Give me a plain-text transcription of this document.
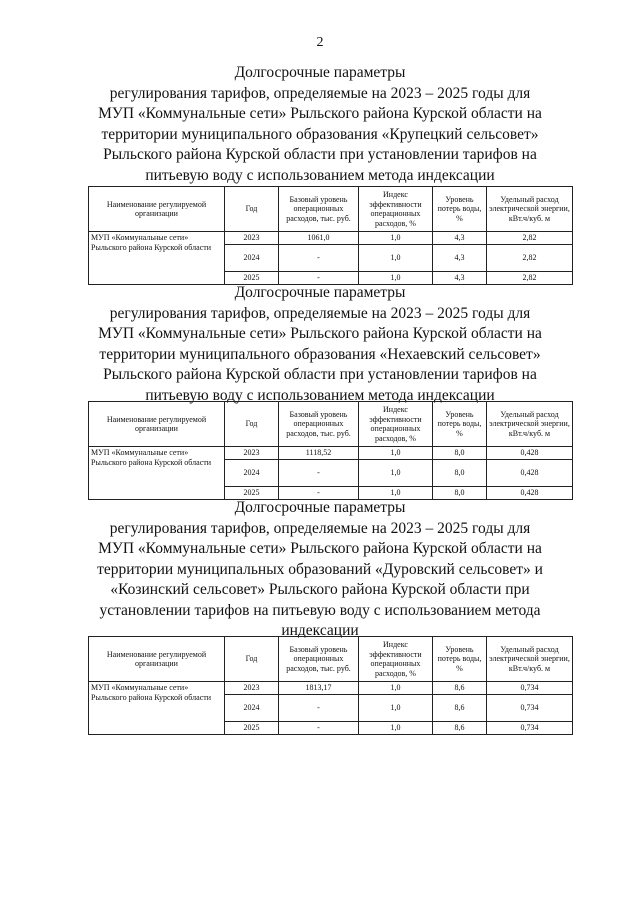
2
Долгосрочные параметры
регулирования тарифов, определяемые на 2023 – 2025 годы для
МУП «Коммунальные сети» Рыльского района Курской области на
территории муниципального образования «Крупецкий сельсовет»
Рыльского района Курской области при установлении тарифов на
питьевую воду с использованием метода индексации
Наименование регулируемой организации	Год	Базовый уровень операционных расходов, тыс. руб.	Индекс эффективности операционных расходов, %	Уровень потерь воды, %	Удельный расход электрической энергии, кВт.ч/куб. м
МУП «Коммунальные сети» Рыльского района Курской области	2023	1061,0	1,0	4,3	2,82
	2024	-	1,0	4,3	2,82
	2025	-	1,0	4,3	2,82
Долгосрочные параметры
регулирования тарифов, определяемые на 2023 – 2025 годы для
МУП «Коммунальные сети» Рыльского района Курской области на
территории муниципального образования «Нехаевский сельсовет»
Рыльского района Курской области при установлении тарифов на
питьевую воду с использованием метода индексации
Наименование регулируемой организации	Год	Базовый уровень операционных расходов, тыс. руб.	Индекс эффективности операционных расходов, %	Уровень потерь воды, %	Удельный расход электрической энергии, кВт.ч/куб. м
МУП «Коммунальные сети» Рыльского района Курской области	2023	1118,52	1,0	8,0	0,428
	2024	-	1,0	8,0	0,428
	2025	-	1,0	8,0	0,428
Долгосрочные параметры
регулирования тарифов, определяемые на 2023 – 2025 годы для
МУП «Коммунальные сети» Рыльского района Курской области на
территории муниципальных образований «Дуровский сельсовет» и
«Козинский сельсовет» Рыльского района Курской области при
установлении тарифов на питьевую воду с использованием метода
индексации
Наименование регулируемой организации	Год	Базовый уровень операционных расходов, тыс. руб.	Индекс эффективности операционных расходов, %	Уровень потерь воды, %	Удельный расход электрической энергии, кВт.ч/куб. м
МУП «Коммунальные сети» Рыльского района Курской области	2023	1813,17	1,0	8,6	0,734
	2024	-	1,0	8,6	0,734
	2025	-	1,0	8,6	0,734
